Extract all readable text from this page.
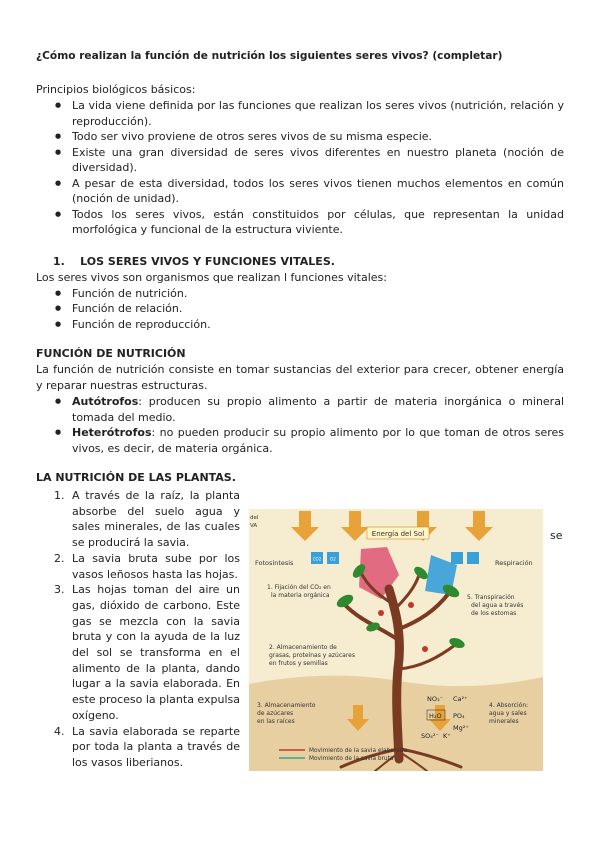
¿Cómo realizan la función de nutrición los siguientes seres vivos? (completar)

Principios biológicos básicos:

● La vida viene definida por las funciones que realizan los seres vivos (nutrición, relación y reproducción).
● Todo ser vivo proviene de otros seres vivos de su misma especie.
● Existe una gran diversidad de seres vivos diferentes en nuestro planeta (noción de diversidad).
● A pesar de esta diversidad, todos los seres vivos tienen muchos elementos en común (noción de unidad).
● Todos los seres vivos, están constituidos por células, que representan la unidad morfológica y funcional de la estructura viviente.

1. LOS SERES VIVOS Y FUNCIONES VITALES.

Los seres vivos son organismos que realizan l funciones vitales:

● Función de nutrición.
● Función de relación.
● Función de reproducción.

FUNCIÓN DE NUTRICIÓN

La función de nutrición consiste en tomar sustancias del exterior para crecer, obtener energía y reparar nuestras estructuras.

● Autótrofos: producen su propio alimento a partir de materia inorgánica o mineral tomada del medio.
● Heterótrofos: no pueden producir su propio alimento por lo que toman de otros seres vivos, es decir, de materia orgánica.

LA NUTRICIÓN DE LAS PLANTAS.

1. A través de la raíz, la planta absorbe del suelo agua y sales minerales, de las cuales se producirá la savia.
2. La savia bruta sube por los vasos leñosos hasta las hojas.
3. Las hojas toman del aire un gas, dióxido de carbono. Este gas se mezcla con la savia bruta y con la ayuda de la luz del sol se transforma en el alimento de la planta, dando lugar a la savia elaborada. En este proceso la planta expulsa oxígeno.
4. La savia elaborada se reparte por toda la planta a través de los vasos liberianos.
se
Energía del Sol
del
VA
Fotosíntesis	Respiración
CO2 O2
1. Fijación del CO₂ en la materia orgánica	5. Transpiración del agua a través de los estomas
2. Almacenamiento de grasas, proteínas y azúcares en frutos y semillas
3. Almacenamiento de azúcares en las raíces
4. Absorción: agua y sales minerales
NO₃⁻ Ca²⁺
H₂O PO₄
Mg²⁺
SO₄²⁻ K⁺
Movimiento de la savia elaborada
Movimiento de la savia bruta
